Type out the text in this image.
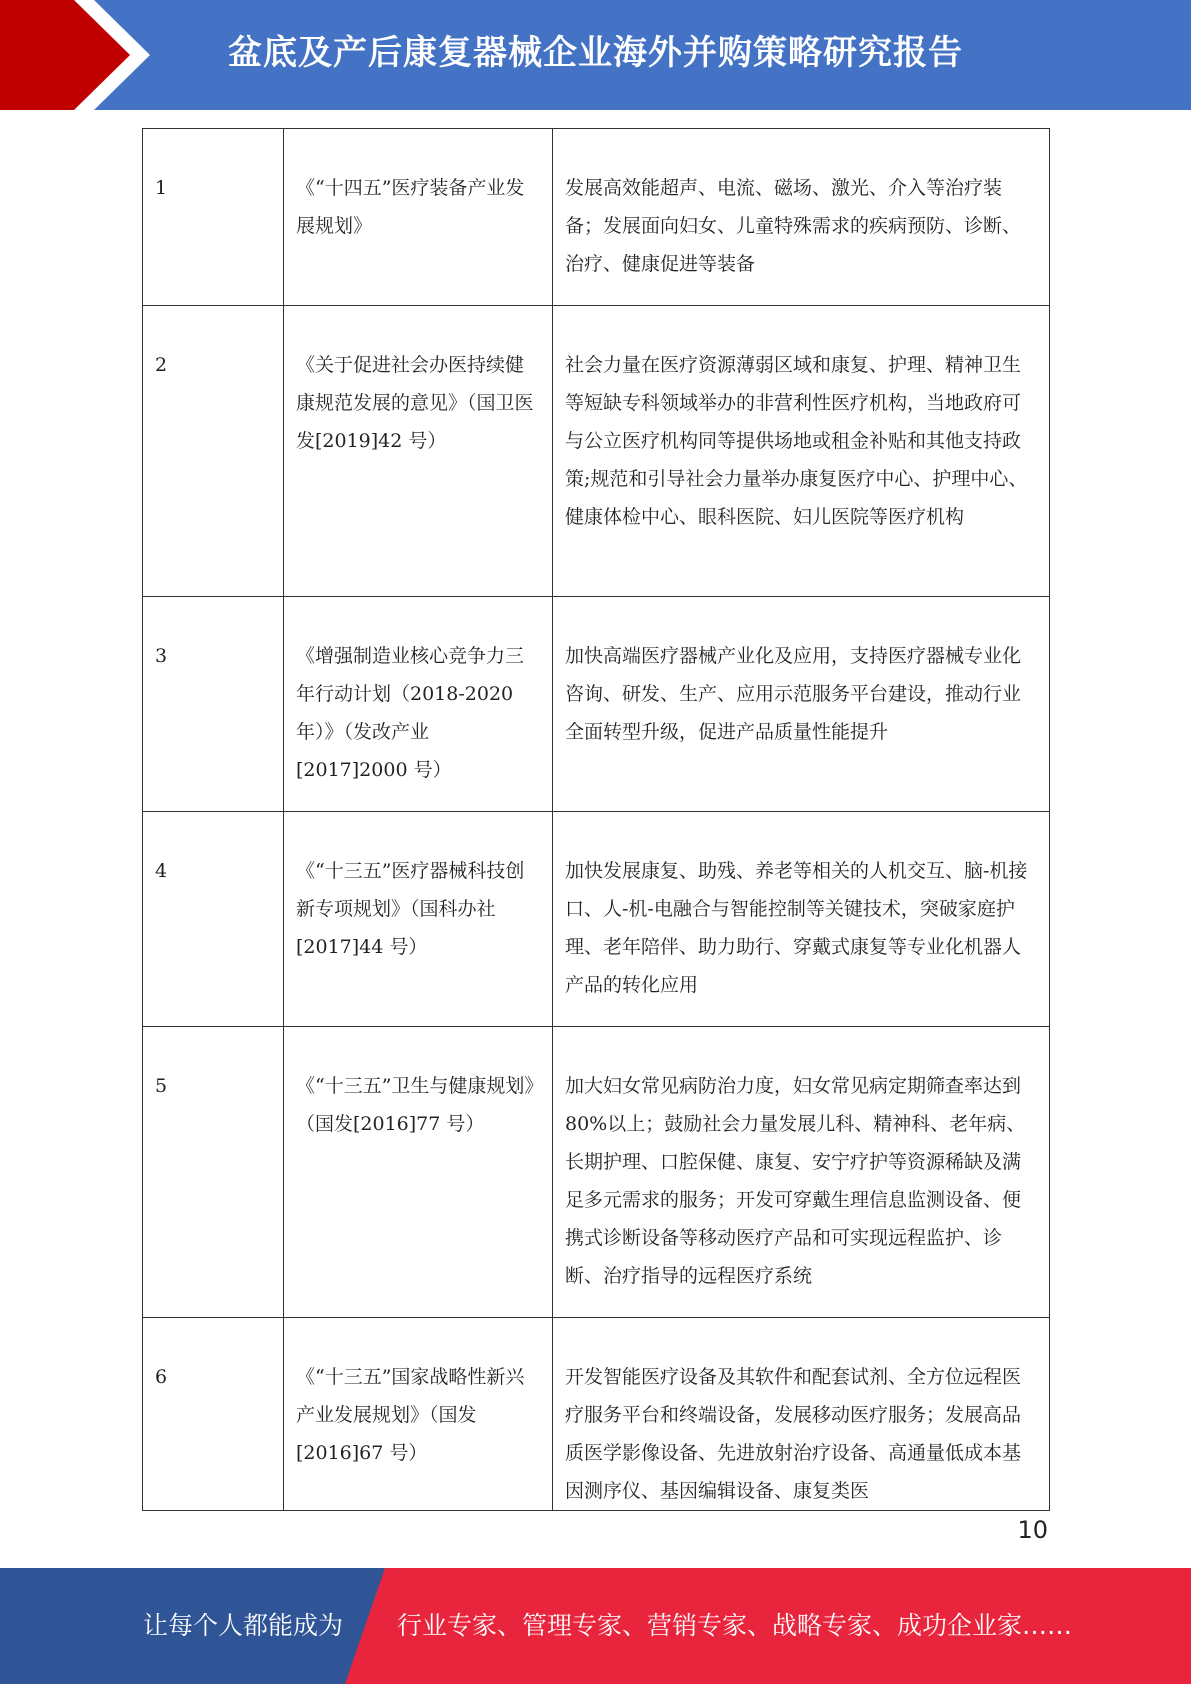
盆底及产后康复器械企业海外并购策略研究报告
1	《“十四五”医疗装备产业发展规划》	发展高效能超声、电流、磁场、激光、介入等治疗装备；发展面向妇女、儿童特殊需求的疾病预防、诊断、治疗、健康促进等装备

2	《关于促进社会办医持续健康规范发展的意见》（国卫医发[2019]42 号）	社会力量在医疗资源薄弱区域和康复、护理、精神卫生等短缺专科领域举办的非营利性医疗机构，当地政府可与公立医疗机构同等提供场地或租金补贴和其他支持政策;规范和引导社会力量举办康复医疗中心、护理中心、健康体检中心、眼科医院、妇儿医院等医疗机构

3	《增强制造业核心竞争力三年行动计划（2018-2020 年）》（发改产业[2017]2000 号）	加快高端医疗器械产业化及应用，支持医疗器械专业化咨询、研发、生产、应用示范服务平台建设，推动行业全面转型升级，促进产品质量性能提升

4	《“十三五”医疗器械科技创新专项规划》（国科办社[2017]44 号）	加快发展康复、助残、养老等相关的人机交互、脑-机接口、人-机-电融合与智能控制等关键技术，突破家庭护理、老年陪伴、助力助行、穿戴式康复等专业化机器人产品的转化应用

5	《“十三五”卫生与健康规划》（国发[2016]77 号）	加大妇女常见病防治力度，妇女常见病定期筛查率达到 80%以上；鼓励社会力量发展儿科、精神科、老年病、长期护理、口腔保健、康复、安宁疗护等资源稀缺及满足多元需求的服务；开发可穿戴生理信息监测设备、便携式诊断设备等移动医疗产品和可实现远程监护、诊断、治疗指导的远程医疗系统

6	《“十三五”国家战略性新兴产业发展规划》（国发[2016]67 号）	开发智能医疗设备及其软件和配套试剂、全方位远程医疗服务平台和终端设备，发展移动医疗服务；发展高品质医学影像设备、先进放射治疗设备、高通量低成本基因测序仪、基因编辑设备、康复类医
10
让每个人都能成为 行业专家、管理专家、营销专家、战略专家、成功企业家……
